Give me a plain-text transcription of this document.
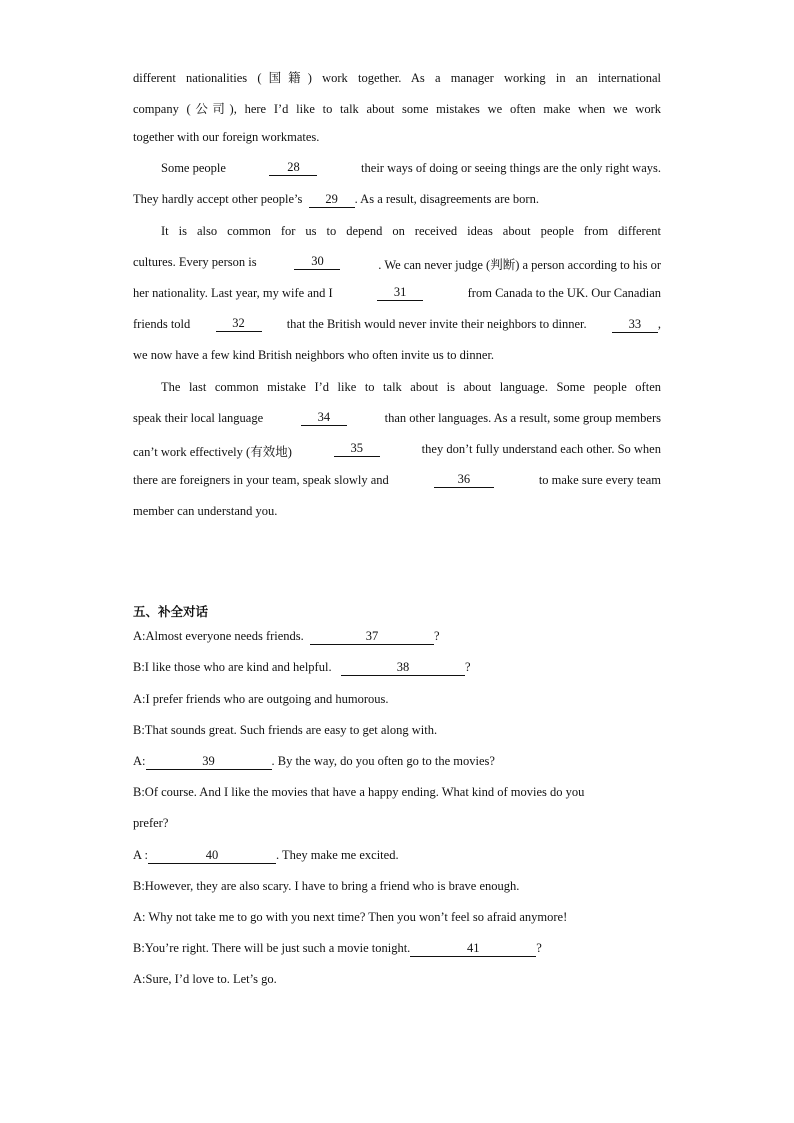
different nationalities (国籍) work together. As a manager working in an international
company (公司), here I’d like to talk about some mistakes we often make when we work
together with our foreign workmates.
Some people	28	their ways of doing or seeing things are the only right ways.
They hardly accept other people’s 29 . As a result, disagreements are born.
It is also common for us to depend on received ideas about people from different
cultures. Every person is	30	. We can never judge (判断) a person according to his or
her nationality. Last year, my wife and I	31	from Canada to the UK. Our Canadian
friends told	32	that the British would never invite their neighbors to dinner.	33 ,
we now have a few kind British neighbors who often invite us to dinner.
The last common mistake I’d like to talk about is about language. Some people often
speak their local language	34	than other languages. As a result, some group members
can’t work effectively (有效地)	35	they don’t fully understand each other. So when
there are foreigners in your team, speak slowly and	36	to make sure every team
member can understand you.
五、补全对话
A:Almost everyone needs friends.	37	?
B:I like those who are kind and helpful.	38	?
A:I prefer friends who are outgoing and humorous.
B:That sounds great. Such friends are easy to get along with.
A:	39	. By the way, do you often go to the movies?
B:Of course. And I like the movies that have a happy ending. What kind of movies do you
prefer?
A :	40	. They make me excited.
B:However, they are also scary. I have to bring a friend who is brave enough.
A: Why not take me to go with you next time? Then you won’t feel so afraid anymore!
B:You’re right. There will be just such a movie tonight.	41	?
A:Sure, I’d love to. Let’s go.
